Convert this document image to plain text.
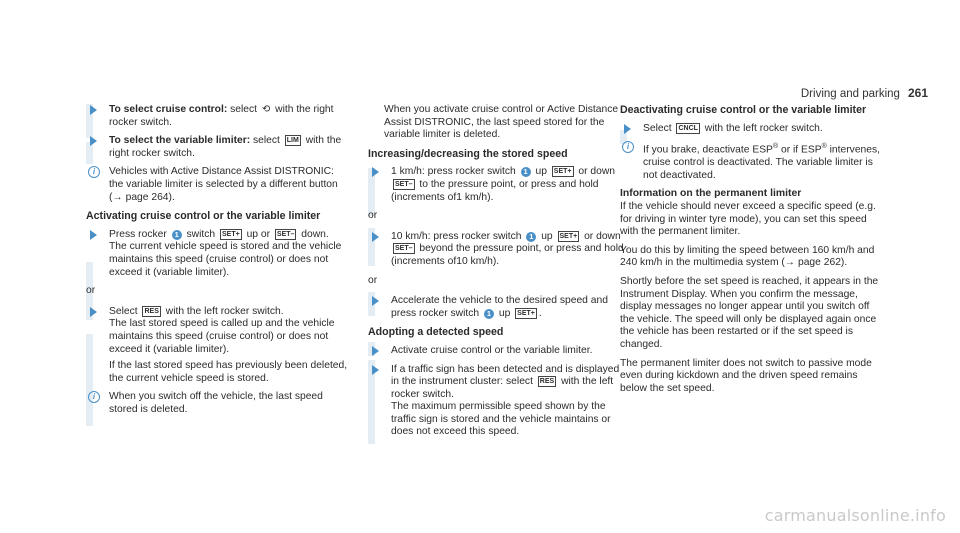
Driving and parking 261
To select cruise control: select ⟲ with the right rocker switch.
To select the variable limiter: select LIM with the right rocker switch.
i	Vehicles with Active Distance Assist DISTRONIC: the variable limiter is selected by a different button (→ page 264).
Activating cruise control or the variable limiter
Press rocker 1 switch SET+ up or SET– down.
The current vehicle speed is stored and the vehicle maintains this speed (cruise control) or does not exceed it (variable limiter).
or
Select RES with the left rocker switch.
The last stored speed is called up and the vehicle maintains this speed (cruise control) or does not exceed it (variable limiter).
If the last stored speed has previously been deleted, the current vehicle speed is stored.
i	When you switch off the vehicle, the last speed stored is deleted.

When you activate cruise control or Active Distance Assist DISTRONIC, the last speed stored for the variable limiter is deleted.

Increasing/decreasing the stored speed
1 km/h: press rocker switch 1 up SET+ or down SET– to the pressure point, or press and hold (increments of1 km/h).
or
10 km/h: press rocker switch 1 up SET+ or down SET– beyond the pressure point, or press and hold (increments of10 km/h).
or
Accelerate the vehicle to the desired speed and press rocker switch 1 up SET+ .
Adopting a detected speed
Activate cruise control or the variable limiter.
If a traffic sign has been detected and is displayed in the instrument cluster: select RES with the left rocker switch.
The maximum permissible speed shown by the traffic sign is stored and the vehicle maintains or does not exceed this speed.
Deactivating cruise control or the variable limiter
Select CNCL with the left rocker switch.
i	If you brake, deactivate ESP® or if ESP® intervenes, cruise control is deactivated. The variable limiter is not deactivated.
Information on the permanent limiter

If the vehicle should never exceed a specific speed (e.g. for driving in winter tyre mode), you can set this speed with the permanent limiter.

You do this by limiting the speed between 160 km/h and 240 km/h in the multimedia system (→ page 262).

Shortly before the set speed is reached, it appears in the Instrument Display. When you confirm the message, display messages no longer appear until you switch off the vehicle. The speed will only be displayed again once the vehicle has been restarted or if the set speed is changed.

The permanent limiter does not switch to passive mode even during kickdown and the driven speed remains below the set speed.

carmanualsonline.info
